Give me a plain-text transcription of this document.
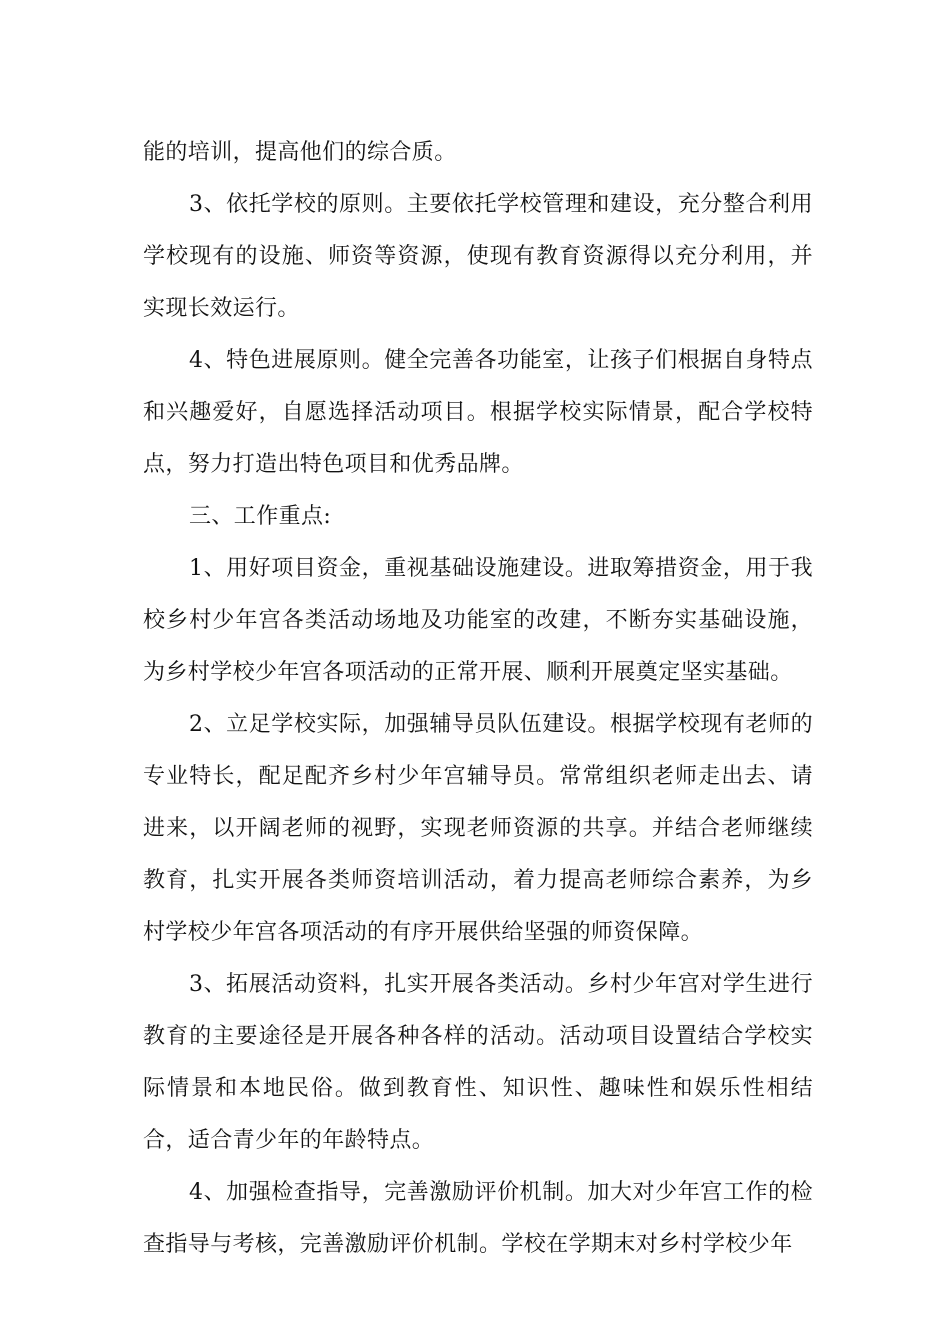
能的培训，提高他们的综合质。

3、依托学校的原则。主要依托学校管理和建设，充分整合利用学校现有的设施、师资等资源，使现有教育资源得以充分利用，并实现长效运行。

4、特色进展原则。健全完善各功能室，让孩子们根据自身特点和兴趣爱好，自愿选择活动项目。根据学校实际情景，配合学校特点，努力打造出特色项目和优秀品牌。

三、工作重点:

1、用好项目资金，重视基础设施建设。进取筹措资金，用于我校乡村少年宫各类活动场地及功能室的改建，不断夯实基础设施，为乡村学校少年宫各项活动的正常开展、顺利开展奠定坚实基础。

2、立足学校实际，加强辅导员队伍建设。根据学校现有老师的专业特长，配足配齐乡村少年宫辅导员。常常组织老师走出去、请进来，以开阔老师的视野，实现老师资源的共享。并结合老师继续教育，扎实开展各类师资培训活动，着力提高老师综合素养，为乡村学校少年宫各项活动的有序开展供给坚强的师资保障。

3、拓展活动资料，扎实开展各类活动。乡村少年宫对学生进行教育的主要途径是开展各种各样的活动。活动项目设置结合学校实际情景和本地民俗。做到教育性、知识性、趣味性和娱乐性相结合，适合青少年的年龄特点。

4、加强检查指导，完善激励评价机制。加大对少年宫工作的检查指导与考核，完善激励评价机制。学校在学期末对乡村学校少年
